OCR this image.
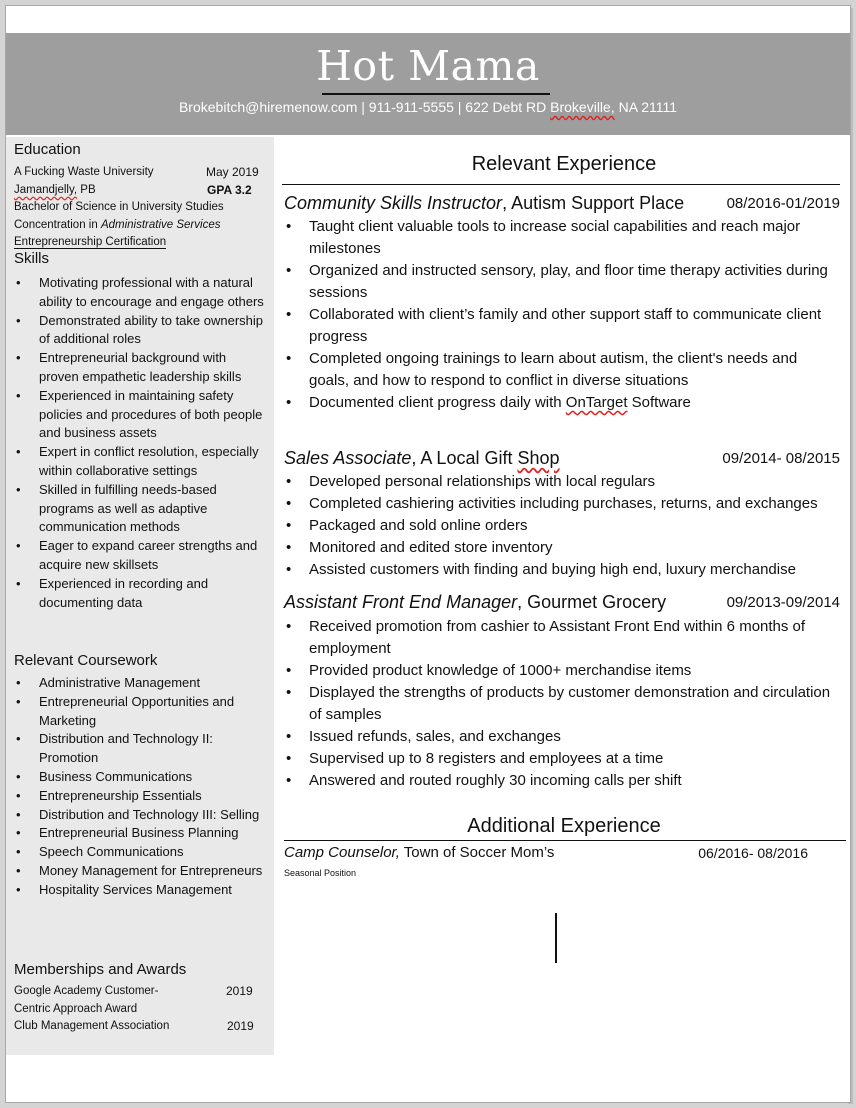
Hot Mama
Brokebitch@hiremenow.com | 911-911-5555 | 622 Debt RD Brokeville, NA 21111
Education
A Fucking Waste University	May 2019
Jamandjelly, PB	GPA 3.2
Bachelor of Science in University Studies
Concentration in Administrative Services
Entrepreneurship Certification
Skills
• Motivating professional with a natural ability to encourage and engage others
• Demonstrated ability to take ownership of additional roles
• Entrepreneurial background with proven empathetic leadership skills
• Experienced in maintaining safety policies and procedures of both people and business assets
• Expert in conflict resolution, especially within collaborative settings
• Skilled in fulfilling needs-based programs as well as adaptive communication methods
• Eager to expand career strengths and acquire new skillsets
• Experienced in recording and documenting data
Relevant Coursework
• Administrative Management
• Entrepreneurial Opportunities and Marketing
• Distribution and Technology II: Promotion
• Business Communications
• Entrepreneurship Essentials
• Distribution and Technology III: Selling
• Entrepreneurial Business Planning
• Speech Communications
• Money Management for Entrepreneurs
• Hospitality Services Management
Memberships and Awards
Google Academy Customer-	2019
Centric Approach Award
Club Management Association	2019
Relevant Experience
Community Skills Instructor, Autism Support Place	08/2016-01/2019
• Taught client valuable tools to increase social capabilities and reach major milestones
• Organized and instructed sensory, play, and floor time therapy activities during sessions
• Collaborated with client’s family and other support staff to communicate client progress
• Completed ongoing trainings to learn about autism, the client's needs and goals, and how to respond to conflict in diverse situations
• Documented client progress daily with OnTarget Software
Sales Associate, A Local Gift Shop	09/2014- 08/2015
• Developed personal relationships with local regulars
• Completed cashiering activities including purchases, returns, and exchanges
• Packaged and sold online orders
• Monitored and edited store inventory
• Assisted customers with finding and buying high end, luxury merchandise
Assistant Front End Manager, Gourmet Grocery	09/2013-09/2014
• Received promotion from cashier to Assistant Front End within 6 months of employment
• Provided product knowledge of 1000+ merchandise items
• Displayed the strengths of products by customer demonstration and circulation of samples
• Issued refunds, sales, and exchanges
• Supervised up to 8 registers and employees at a time
• Answered and routed roughly 30 incoming calls per shift
Additional Experience
Camp Counselor, Town of Soccer Mom’s	06/2016- 08/2016
Seasonal Position
